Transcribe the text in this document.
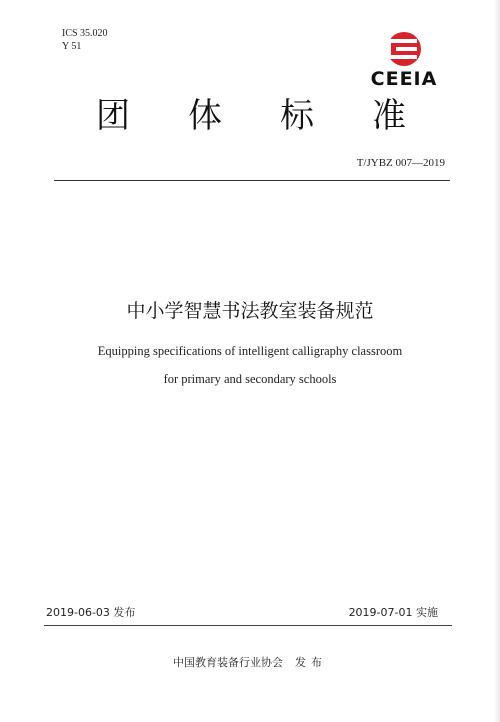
ICS 35.020
Y 51
CEEIA
团 体 标 准
T/JYBZ 007—2019
中小学智慧书法教室装备规范
Equipping specifications of intelligent calligraphy classroom
for primary and secondary schools
2019-06-03 发布	2019-07-01 实施
中国教育装备行业协会 发布
